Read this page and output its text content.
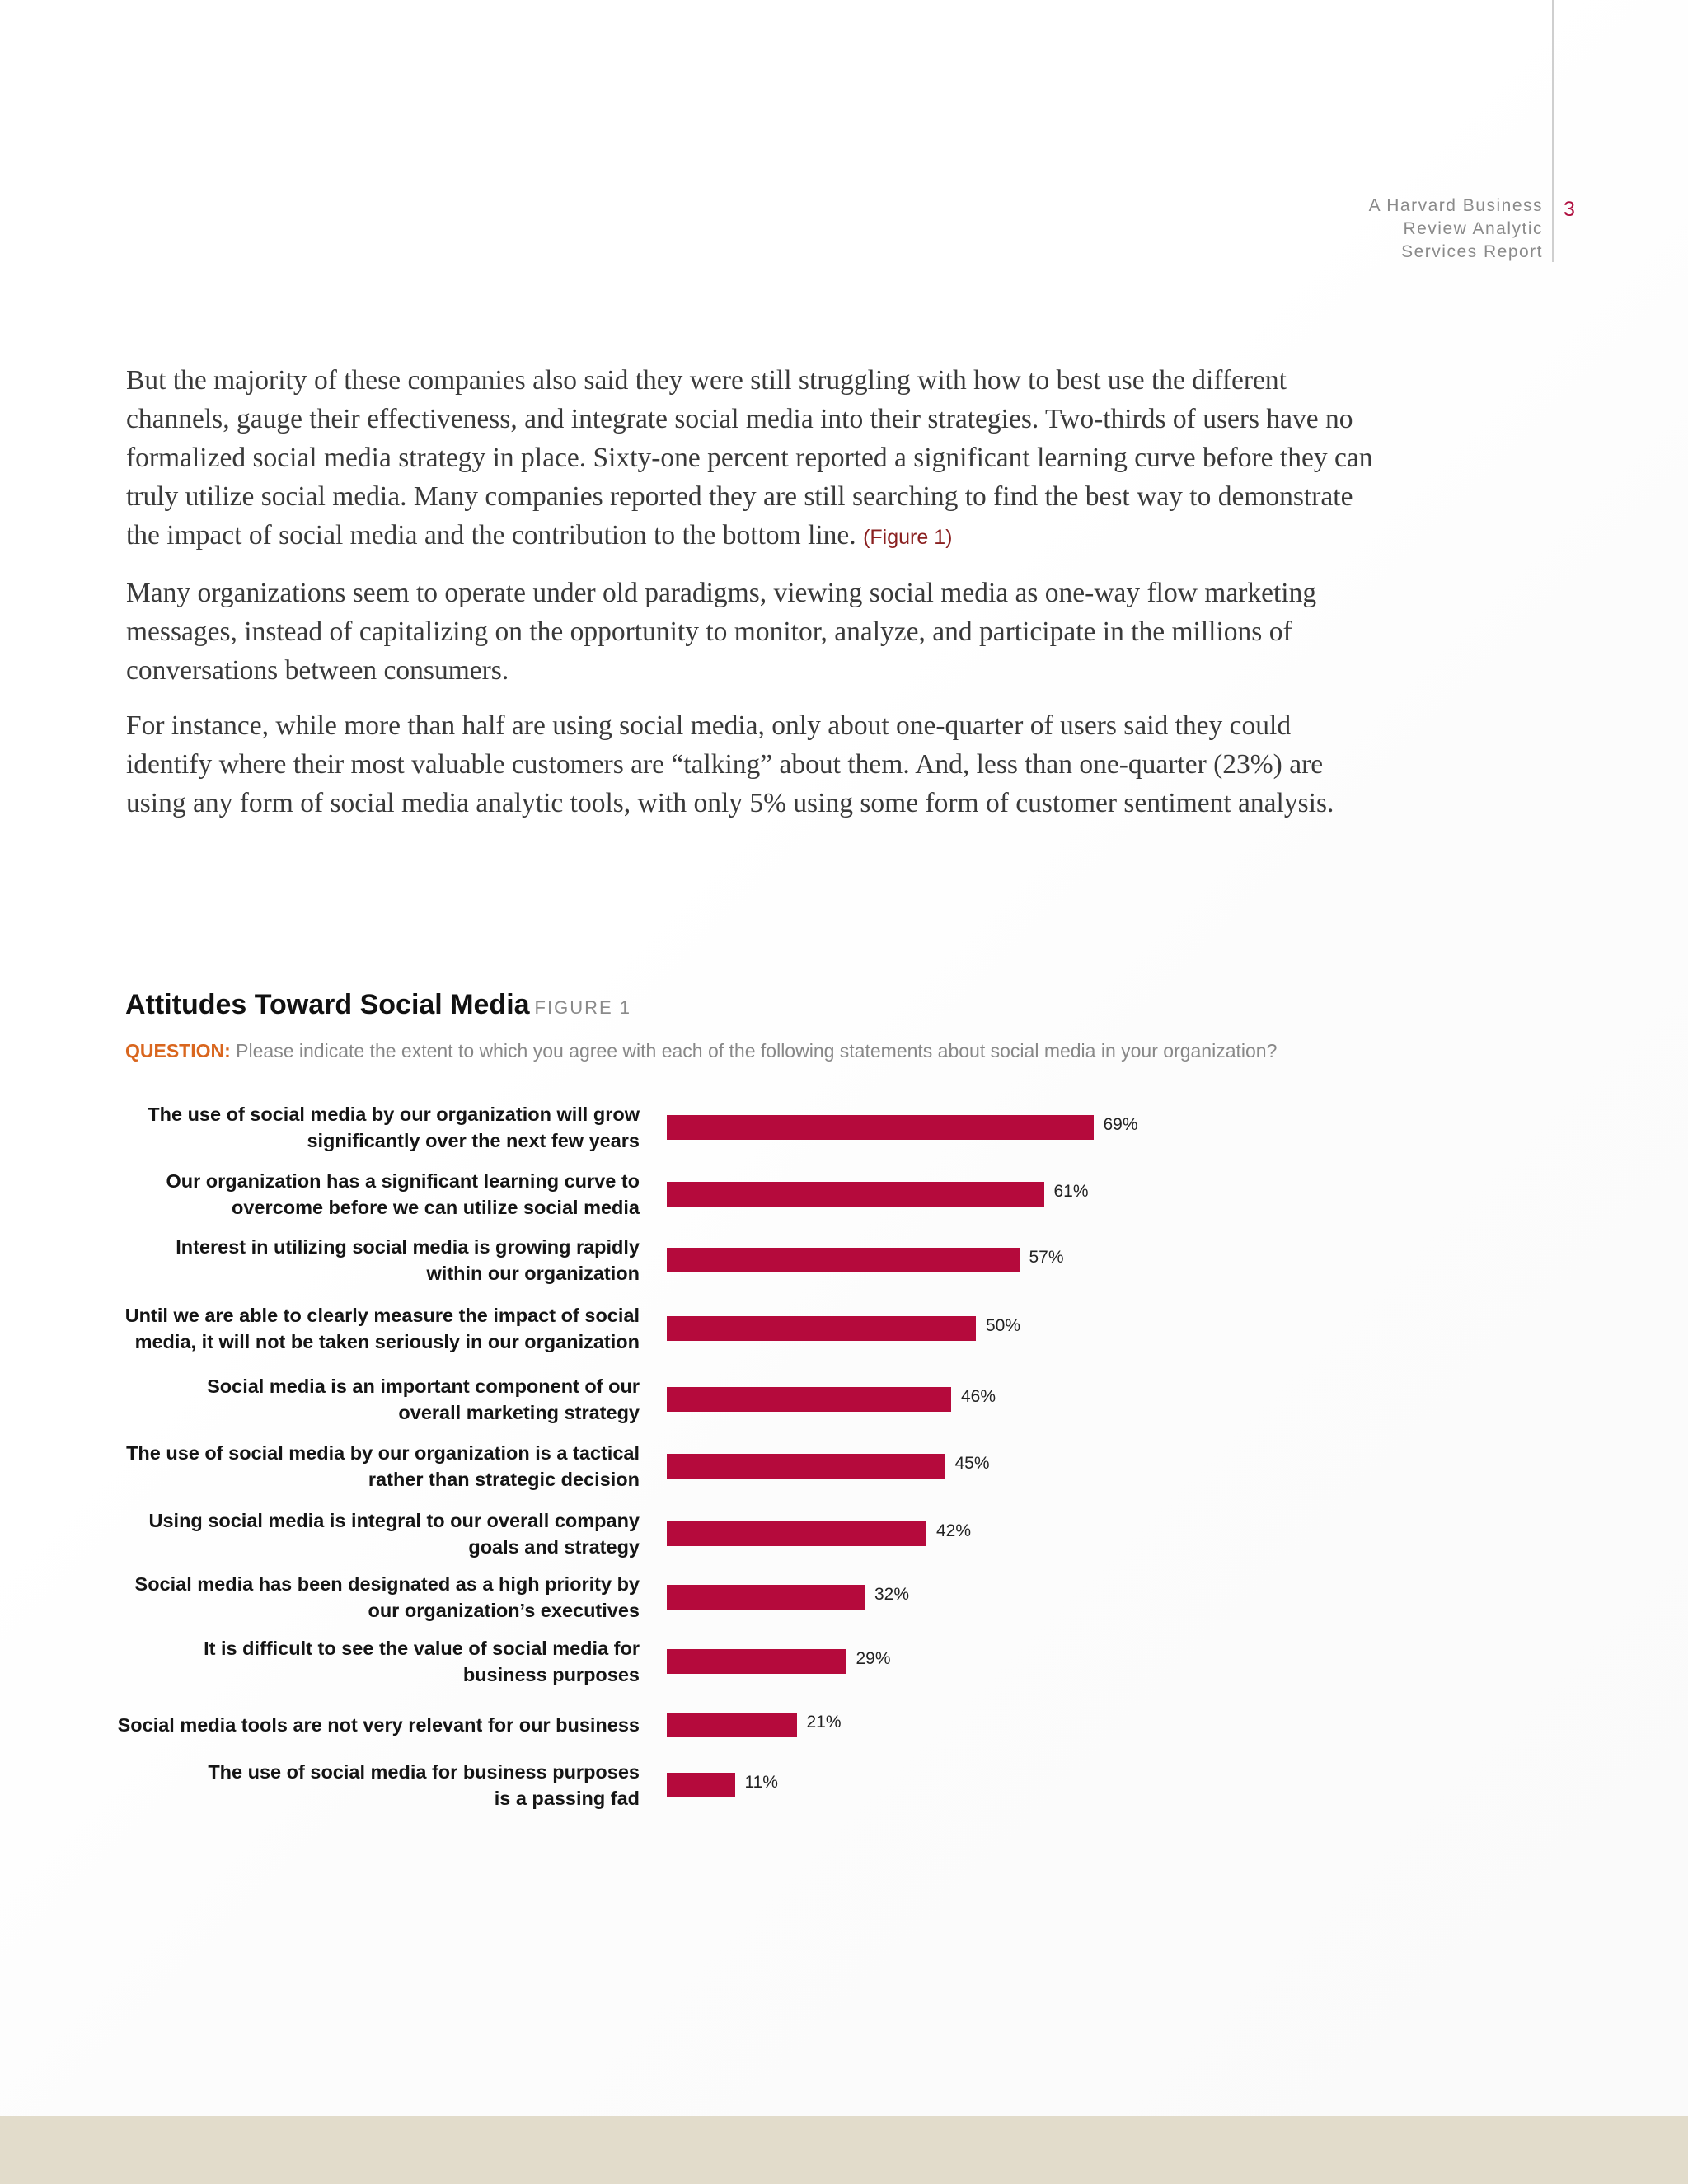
A Harvard Business
Review Analytic
Services Report
3

But the majority of these companies also said they were still struggling with how to best use the different channels, gauge their effectiveness, and integrate social media into their strategies. Two-thirds of users have no formalized social media strategy in place. Sixty-one percent reported a significant learning curve before they can truly utilize social media. Many companies reported they are still searching to find the best way to demonstrate the impact of social media and the contribution to the bottom line. (Figure 1)

Many organizations seem to operate under old paradigms, viewing social media as one-way flow marketing messages, instead of capitalizing on the opportunity to monitor, analyze, and participate in the millions of conversations between consumers.

For instance, while more than half are using social media, only about one-quarter of users said they could identify where their most valuable customers are “talking” about them. And, less than one-quarter (23%) are using any form of social media analytic tools, with only 5% using some form of customer sentiment analysis.

Attitudes Toward Social Media FIGURE 1
QUESTION: Please indicate the extent to which you agree with each of the following statements about social media in your organization?
The use of social media by our organization will grow
significantly over the next few years
69%
Our organization has a significant learning curve to
overcome before we can utilize social media
61%
Interest in utilizing social media is growing rapidly
within our organization
57%
Until we are able to clearly measure the impact of social
media, it will not be taken seriously in our organization
50%
Social media is an important component of our
overall marketing strategy
46%
The use of social media by our organization is a tactical
rather than strategic decision
45%
Using social media is integral to our overall company
goals and strategy
42%
Social media has been designated as a high priority by
our organization’s executives
32%
It is difficult to see the value of social media for
business purposes
29%
Social media tools are not very relevant for our business	21%
The use of social media for business purposes
is a passing fad
11%
